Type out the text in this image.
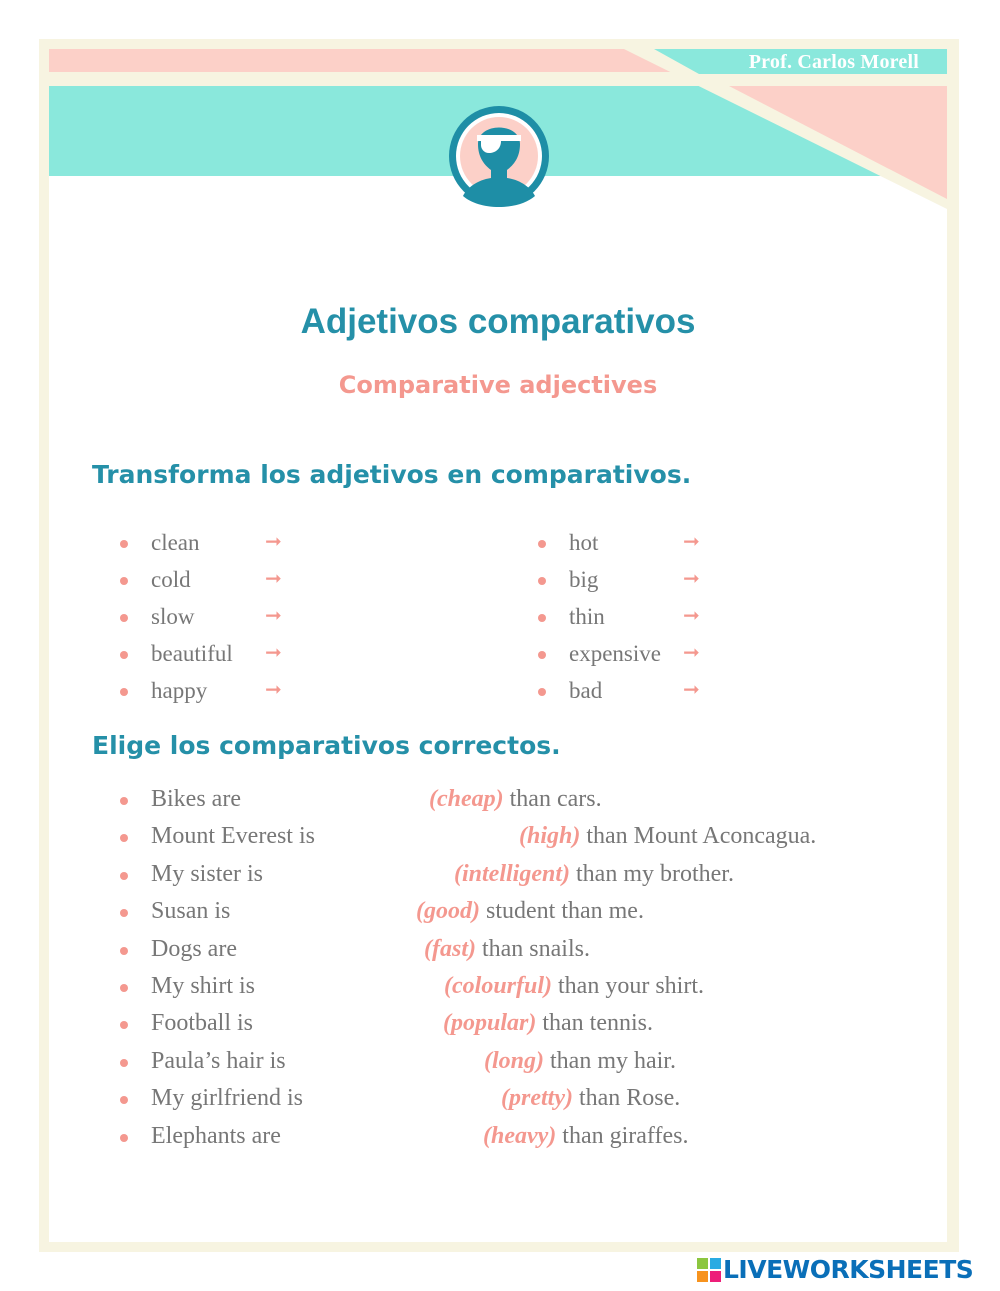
Prof. Carlos Morell
Adjetivos comparativos
Comparative adjectives
Transforma los adjetivos en comparativos.
clean	➞
cold	➞
slow	➞
beautiful ➞
happy	➞
hot	➞
big	➞
thin	➞
expensive ➞
bad	➞
Elige los comparativos correctos.
Bikes are	(cheap) than cars.
Mount Everest is	(high) than Mount Aconcagua.
My sister is	(intelligent) than my brother.
Susan is	(good) student than me.
Dogs are	(fast) than snails.
My shirt is	(colourful) than your shirt.
Football is	(popular) than tennis.
Paula’s hair is	(long) than my hair.
My girlfriend is	(pretty) than Rose.
Elephants are	(heavy) than giraffes.
LIVEWORKSHEETS
